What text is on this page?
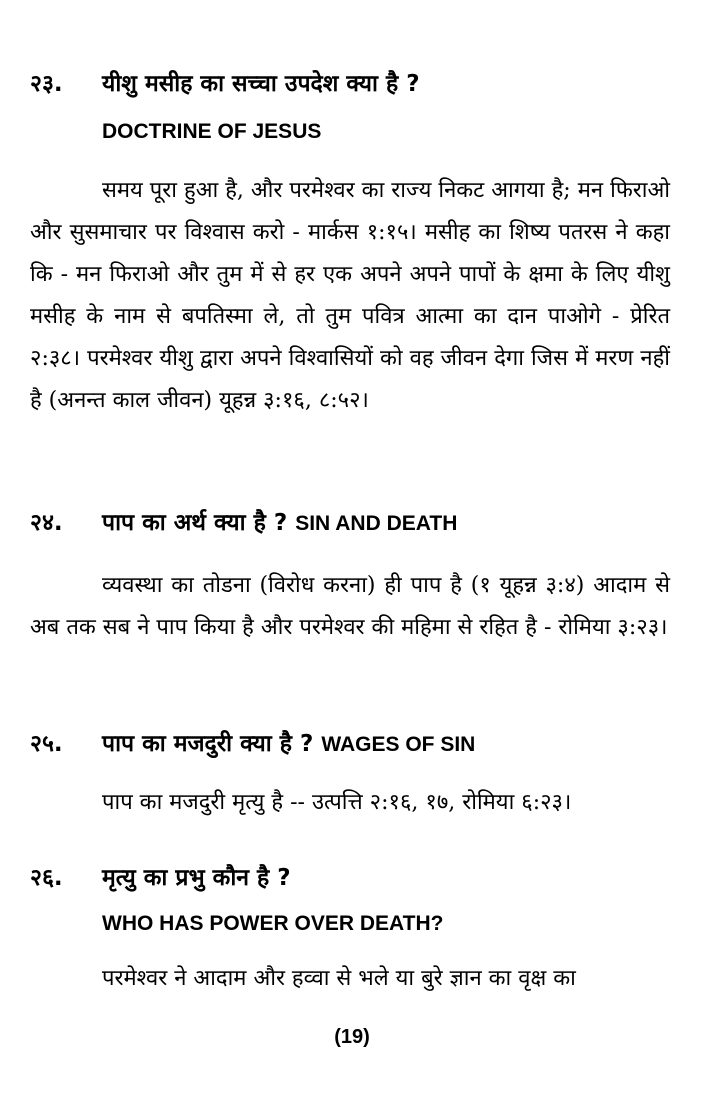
२३. यीशु मसीह का सच्चा उपदेश क्या है ?
DOCTRINE OF JESUS

समय पूरा हुआ है, और परमेश्वर का राज्य निकट आगया है; मन फिराओ और सुसमाचार पर विश्वास करो - मार्कस १:१५। मसीह का शिष्य पतरस ने कहा कि - मन फिराओ और तुम में से हर एक अपने अपने पापों के क्षमा के लिए यीशु मसीह के नाम से बपतिस्मा ले, तो तुम पवित्र आत्मा का दान पाओगे - प्रेरित २:३८। परमेश्वर यीशु द्वारा अपने विश्वासियों को वह जीवन देगा जिस में मरण नहीं है (अनन्त काल जीवन) यूहन्न ३:१६, ८:५२।

२४. पाप का अर्थ क्या है ? SIN AND DEATH

व्यवस्था का तोडना (विरोध करना) ही पाप है (१ यूहन्न ३:४) आदाम से अब तक सब ने पाप किया है और परमेश्वर की महिमा से रहित है - रोमिया ३:२३।

२५. पाप का मजदुरी क्या है ? WAGES OF SIN

पाप का मजदुरी मृत्यु है -- उत्पत्ति २:१६, १७, रोमिया ६:२३।

२६. मृत्यु का प्रभु कौन है ?
WHO HAS POWER OVER DEATH?

परमेश्वर ने आदाम और हव्वा से भले या बुरे ज्ञान का वृक्ष का

(19)
